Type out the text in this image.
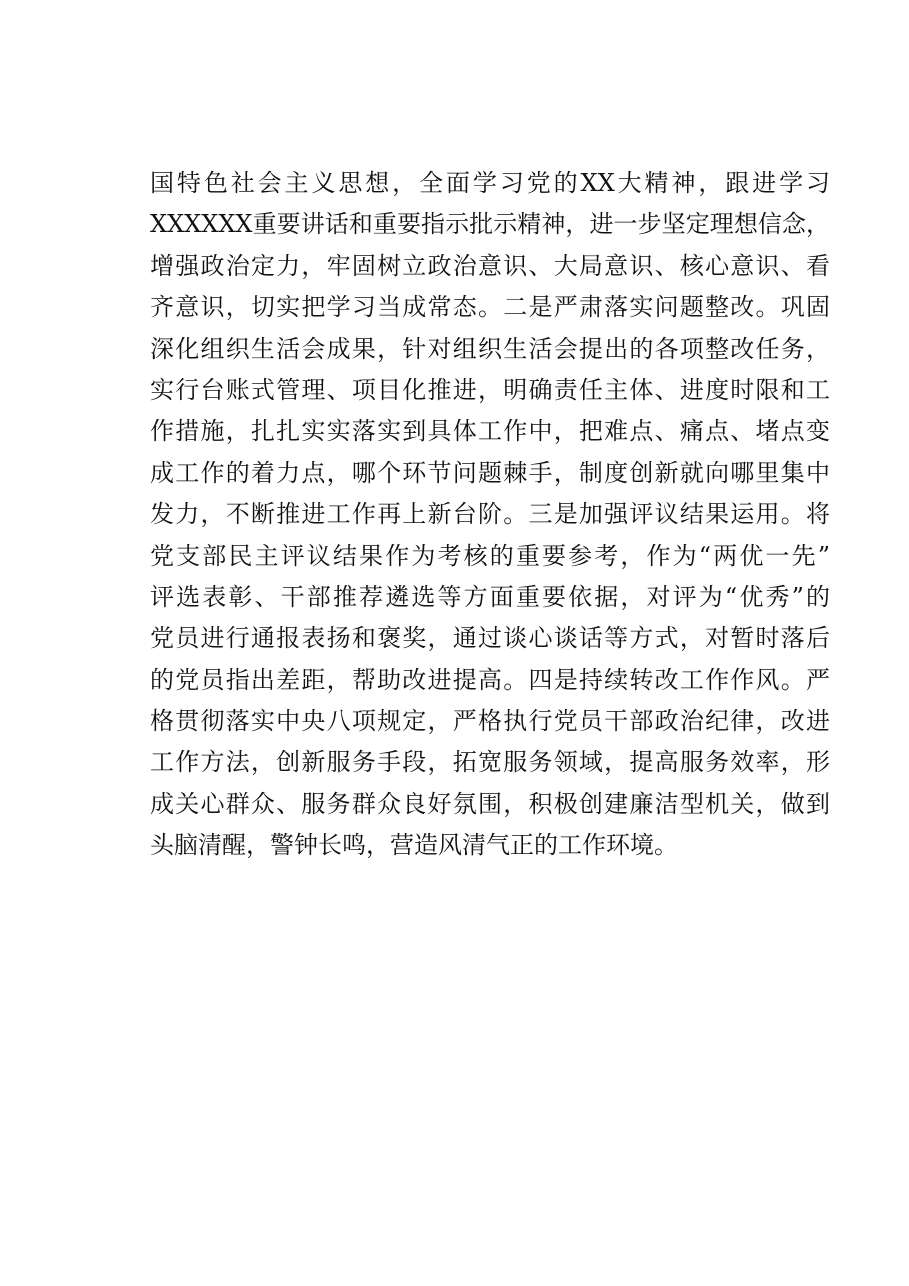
国特色社会主义思想，全面学习党的XX大精神，跟进学习
XXXXXX重要讲话和重要指示批示精神，进一步坚定理想信念，
增强政治定力，牢固树立政治意识、大局意识、核心意识、看
齐意识，切实把学习当成常态。二是严肃落实问题整改。巩固
深化组织生活会成果，针对组织生活会提出的各项整改任务，
实行台账式管理、项目化推进，明确责任主体、进度时限和工
作措施，扎扎实实落实到具体工作中，把难点、痛点、堵点变
成工作的着力点，哪个环节问题棘手，制度创新就向哪里集中
发力，不断推进工作再上新台阶。三是加强评议结果运用。将
党支部民主评议结果作为考核的重要参考，作为“两优一先”
评选表彰、干部推荐遴选等方面重要依据，对评为“优秀”的
党员进行通报表扬和褒奖，通过谈心谈话等方式，对暂时落后
的党员指出差距，帮助改进提高。四是持续转改工作作风。严
格贯彻落实中央八项规定，严格执行党员干部政治纪律，改进
工作方法，创新服务手段，拓宽服务领域，提高服务效率，形
成关心群众、服务群众良好氛围，积极创建廉洁型机关，做到
头脑清醒，警钟长鸣，营造风清气正的工作环境。
